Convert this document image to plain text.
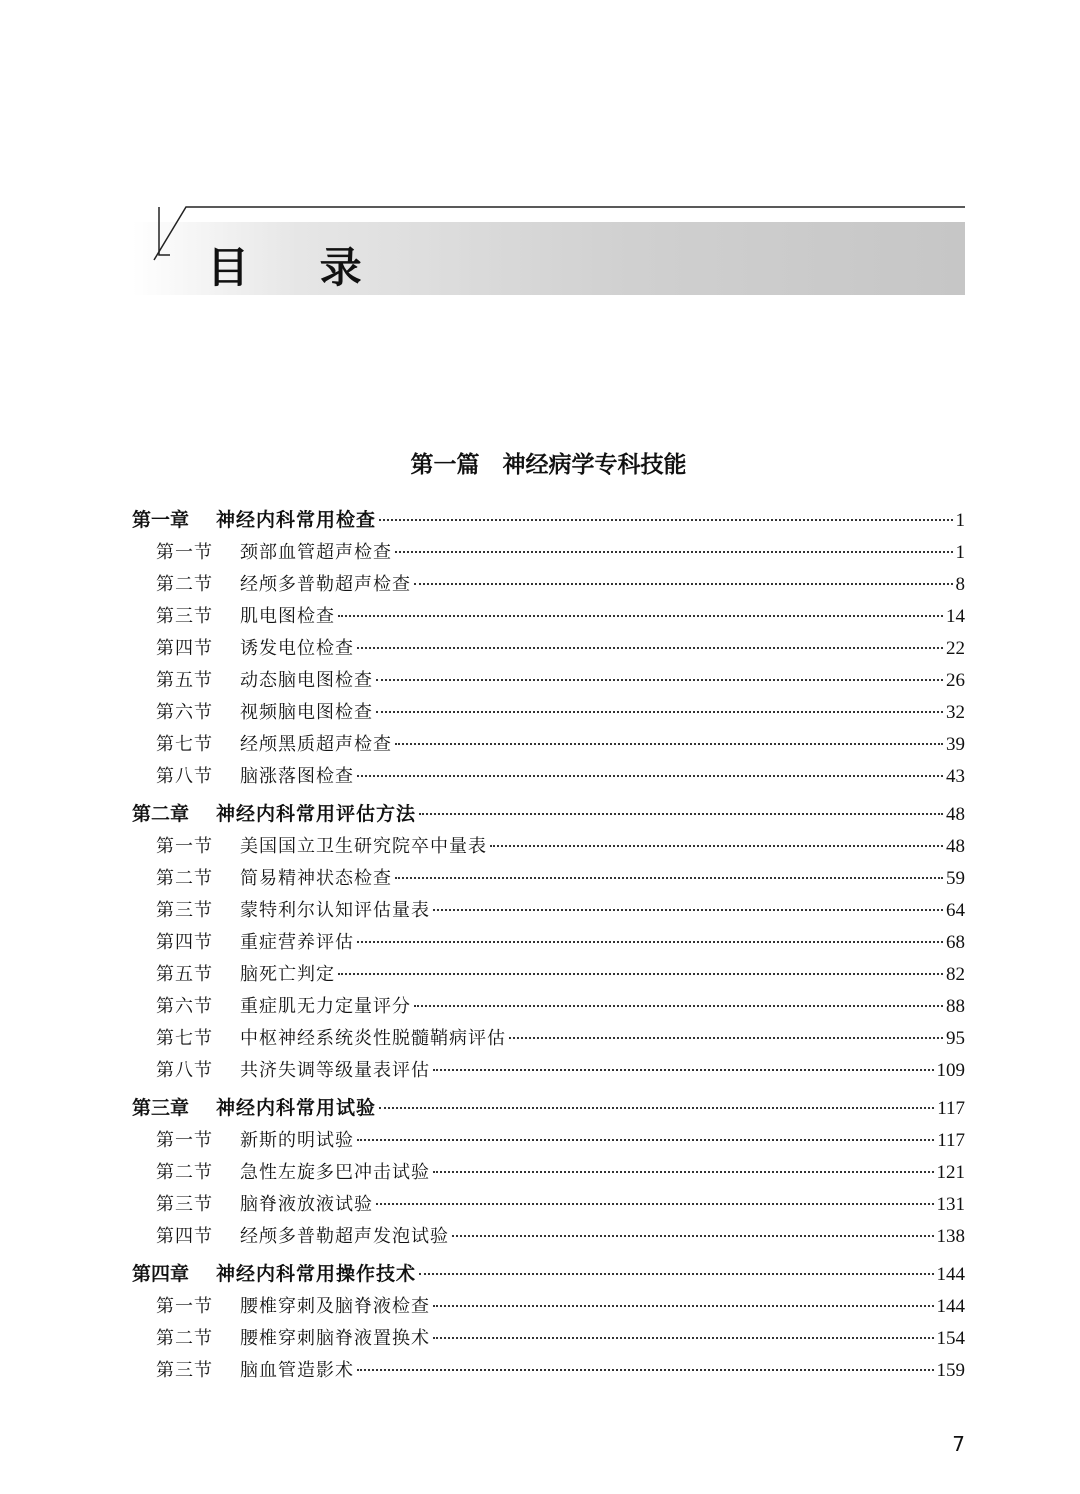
目 录
第一篇　神经病学专科技能
第一章	神经内科常用检查	1
第一节	颈部血管超声检查	1
第二节	经颅多普勒超声检查	8
第三节	肌电图检查	14
第四节	诱发电位检查	22
第五节	动态脑电图检查	26
第六节	视频脑电图检查	32
第七节	经颅黑质超声检查	39
第八节	脑涨落图检查	43
第二章	神经内科常用评估方法	48
第一节	美国国立卫生研究院卒中量表	48
第二节	简易精神状态检查	59
第三节	蒙特利尔认知评估量表	64
第四节	重症营养评估	68
第五节	脑死亡判定	82
第六节	重症肌无力定量评分	88
第七节	中枢神经系统炎性脱髓鞘病评估	95
第八节	共济失调等级量表评估	109
第三章	神经内科常用试验	117
第一节	新斯的明试验	117
第二节	急性左旋多巴冲击试验	121
第三节	脑脊液放液试验	131
第四节	经颅多普勒超声发泡试验	138
第四章	神经内科常用操作技术	144
第一节	腰椎穿刺及脑脊液检查	144
第二节	腰椎穿刺脑脊液置换术	154
第三节	脑血管造影术	159
7
